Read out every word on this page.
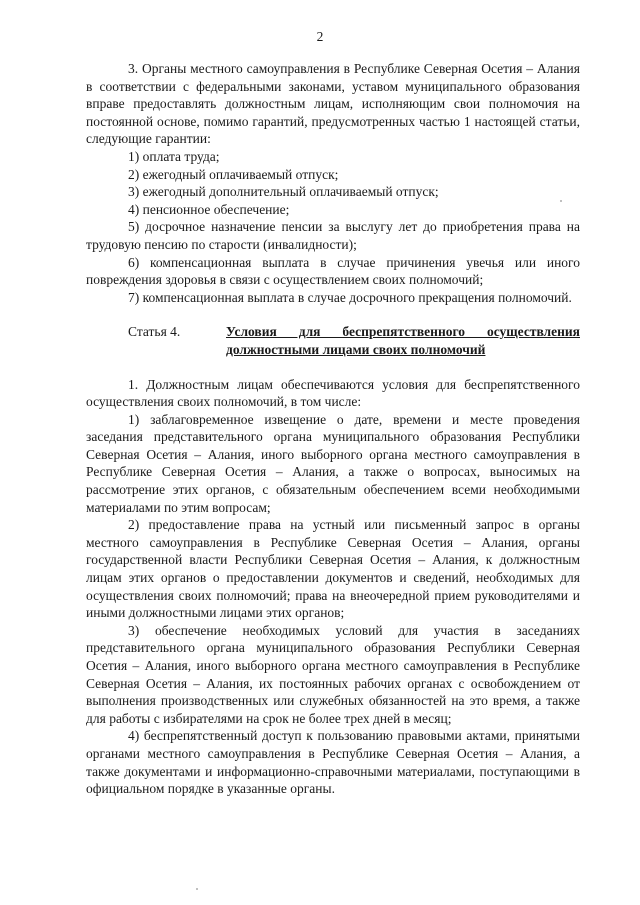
2

3. Органы местного самоуправления в Республике Северная Осетия – Алания в соответствии с федеральными законами, уставом муниципального образования вправе предоставлять должностным лицам, исполняющим свои полномочия на постоянной основе, помимо гарантий, предусмотренных частью 1 настоящей статьи, следующие гарантии:

1) оплата труда;

2) ежегодный оплачиваемый отпуск;

3) ежегодный дополнительный оплачиваемый отпуск;

4) пенсионное обеспечение;

5) досрочное назначение пенсии за выслугу лет до приобретения права на трудовую пенсию по старости (инвалидности);

6) компенсационная выплата в случае причинения увечья или иного повреждения здоровья в связи с осуществлением своих полномочий;

7) компенсационная выплата в случае досрочного прекращения полномочий.

Статья 4.	Условия для беспрепятственного осуществления должностными лицами своих полномочий

1. Должностным лицам обеспечиваются условия для беспрепятственного осуществления своих полномочий, в том числе:

1) заблаговременное извещение о дате, времени и месте проведения заседания представительного органа муниципального образования Республики Северная Осетия – Алания, иного выборного органа местного самоуправления в Республике Северная Осетия – Алания, а также о вопросах, выносимых на рассмотрение этих органов, с обязательным обеспечением всеми необходимыми материалами по этим вопросам;

2) предоставление права на устный или письменный запрос в органы местного самоуправления в Республике Северная Осетия – Алания, органы государственной власти Республики Северная Осетия – Алания, к должностным лицам этих органов о предоставлении документов и сведений, необходимых для осуществления своих полномочий; права на внеочередной прием руководителями и иными должностными лицами этих органов;

3) обеспечение необходимых условий для участия в заседаниях представительного органа муниципального образования Республики Северная Осетия – Алания, иного выборного органа местного самоуправления в Республике Северная Осетия – Алания, их постоянных рабочих органах с освобождением от выполнения производственных или служебных обязанностей на это время, а также для работы с избирателями на срок не более трех дней в месяц;

4) беспрепятственный доступ к пользованию правовыми актами, принятыми органами местного самоуправления в Республике Северная Осетия – Алания, а также документами и информационно-справочными материалами, поступающими в официальном порядке в указанные органы.
